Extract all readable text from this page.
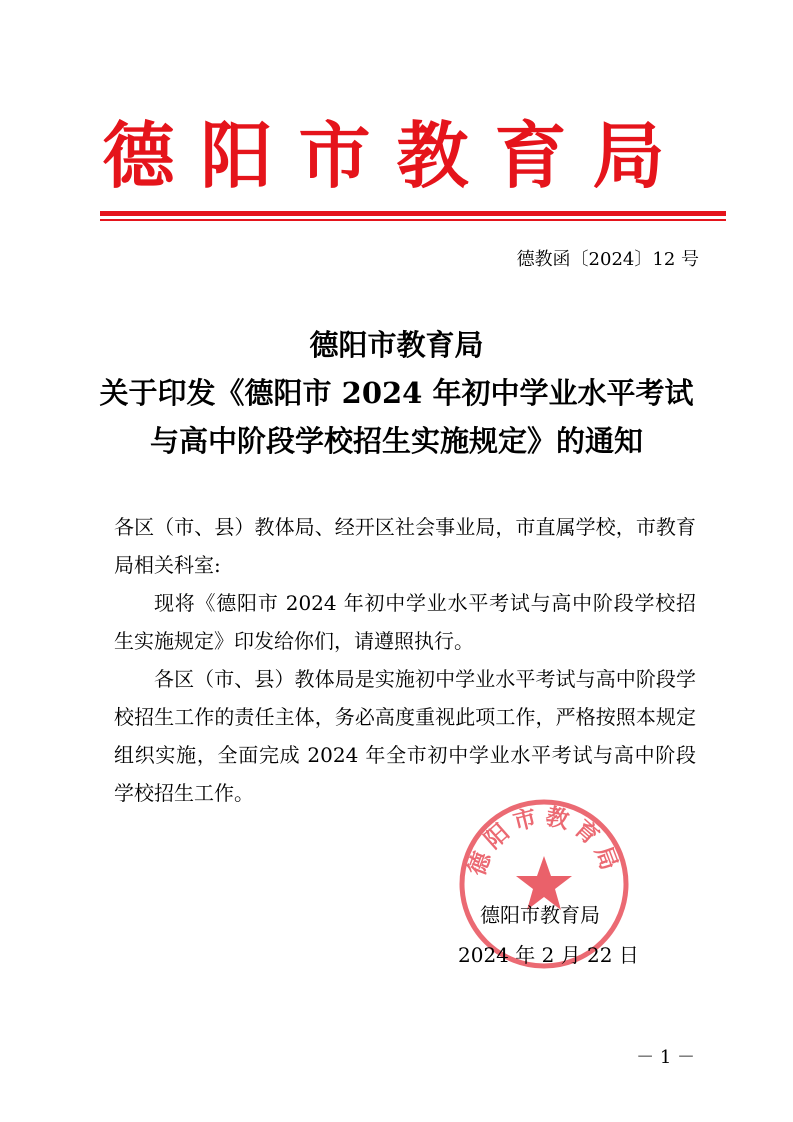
德阳市教育局
德教函〔2024〕12 号
德阳市教育局
关于印发《德阳市 2024 年初中学业水平考试
与高中阶段学校招生实施规定》的通知

各区（市、县）教体局、经开区社会事业局，市直属学校，市教育局相关科室:

现将《德阳市 2024 年初中学业水平考试与高中阶段学校招生实施规定》印发给你们，请遵照执行。

各区（市、县）教体局是实施初中学业水平考试与高中阶段学校招生工作的责任主体，务必高度重视此项工作，严格按照本规定组织实施，全面完成 2024 年全市初中学业水平考试与高中阶段学校招生工作。

德阳市教育局
德阳市教育局
2024 年 2 月 22 日
－ 1 －
